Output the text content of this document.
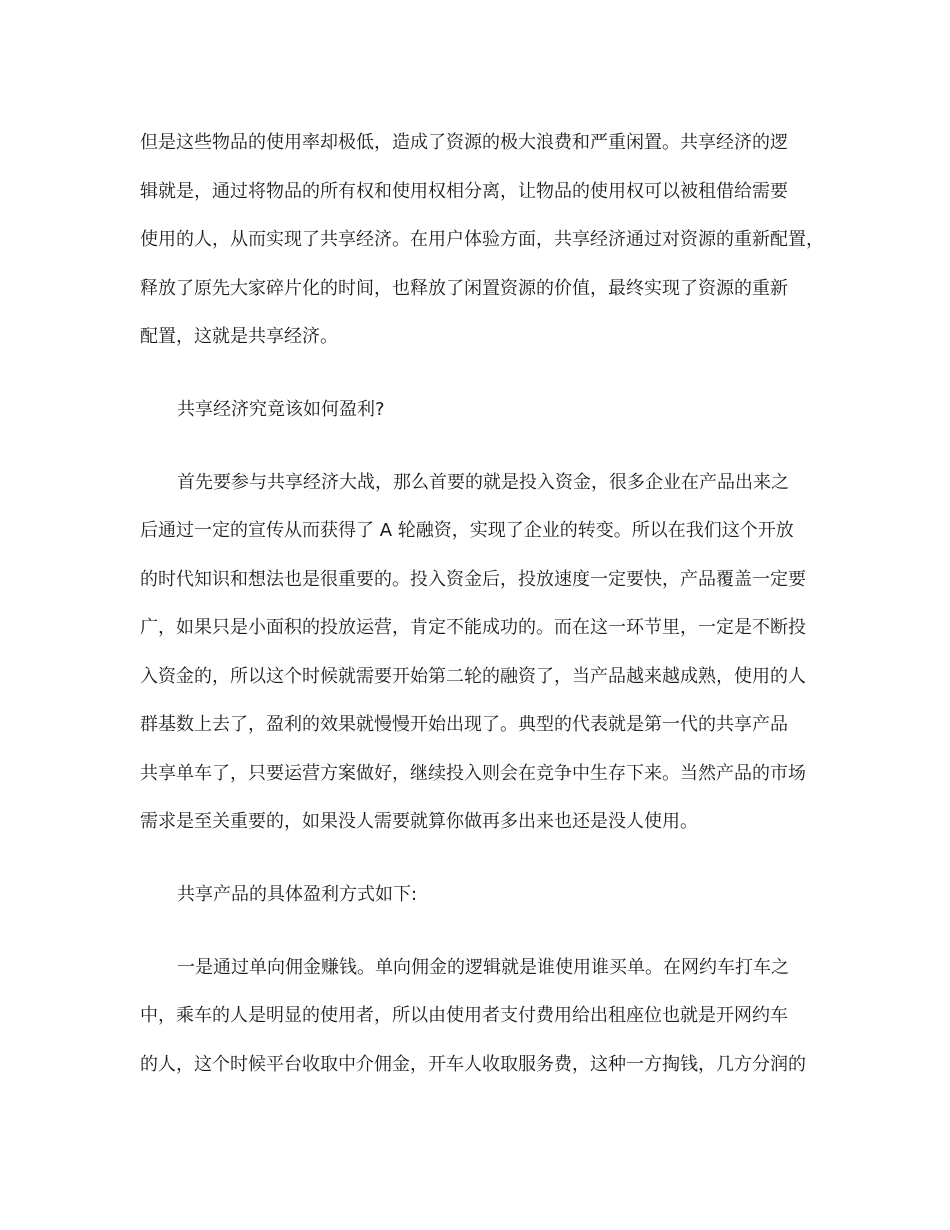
但是这些物品的使用率却极低，造成了资源的极大浪费和严重闲置。共享经济的逻
辑就是，通过将物品的所有权和使用权相分离，让物品的使用权可以被租借给需要
使用的人，从而实现了共享经济。在用户体验方面，共享经济通过对资源的重新配置，
释放了原先大家碎片化的时间，也释放了闲置资源的价值，最终实现了资源的重新
配置，这就是共享经济。
共享经济究竟该如何盈利?
首先要参与共享经济大战，那么首要的就是投入资金，很多企业在产品出来之
后通过一定的宣传从而获得了 A 轮融资，实现了企业的转变。所以在我们这个开放
的时代知识和想法也是很重要的。投入资金后，投放速度一定要快，产品覆盖一定要
广，如果只是小面积的投放运营，肯定不能成功的。而在这一环节里，一定是不断投
入资金的，所以这个时候就需要开始第二轮的融资了，当产品越来越成熟，使用的人
群基数上去了，盈利的效果就慢慢开始出现了。典型的代表就是第一代的共享产品
共享单车了，只要运营方案做好，继续投入则会在竞争中生存下来。当然产品的市场
需求是至关重要的，如果没人需要就算你做再多出来也还是没人使用。
共享产品的具体盈利方式如下:
一是通过单向佣金赚钱。单向佣金的逻辑就是谁使用谁买单。在网约车打车之
中，乘车的人是明显的使用者，所以由使用者支付费用给出租座位也就是开网约车
的人，这个时候平台收取中介佣金，开车人收取服务费，这种一方掏钱，几方分润的
